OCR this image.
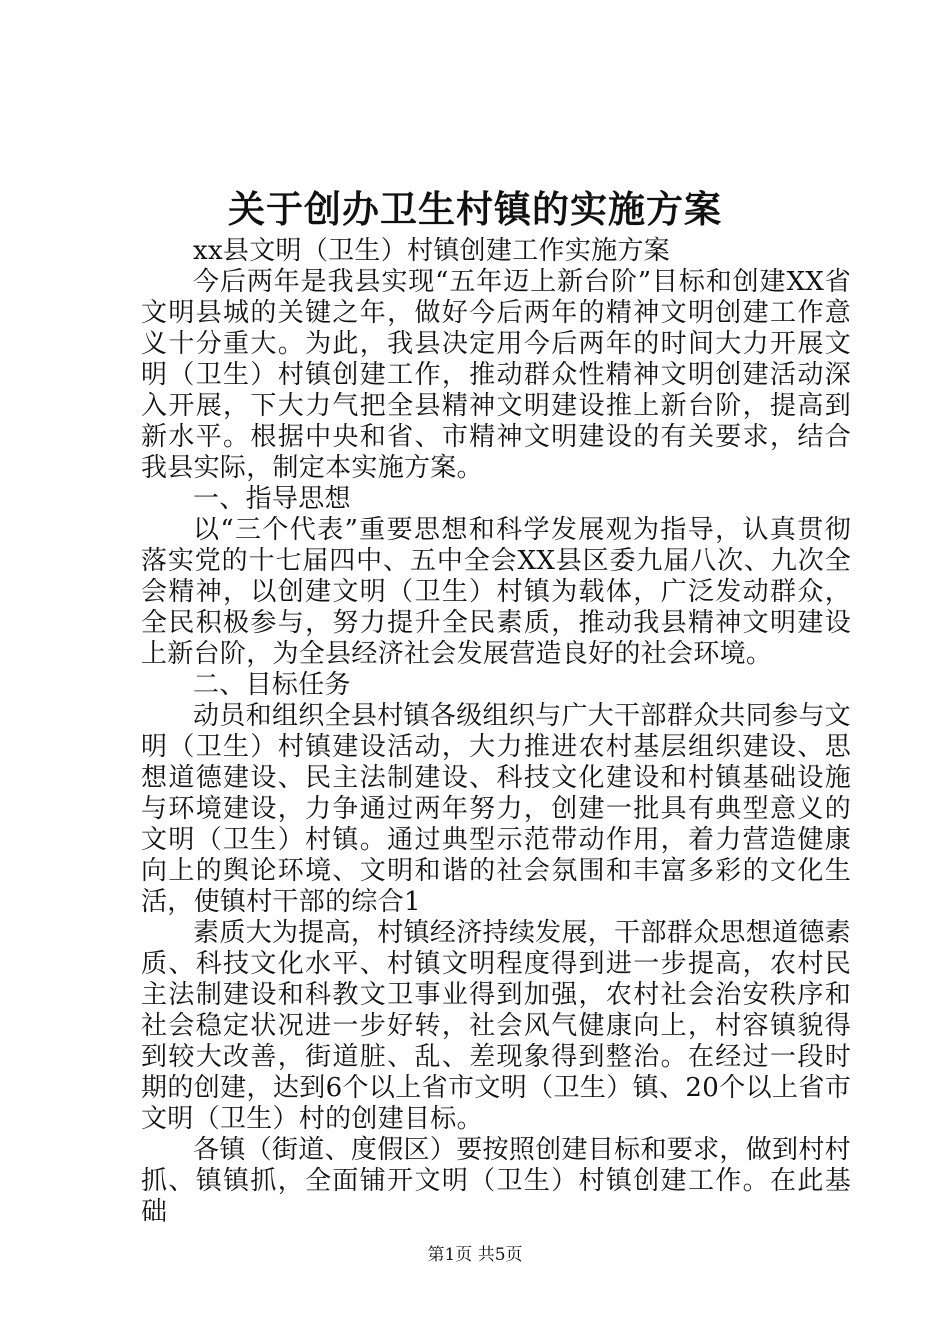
关于创办卫生村镇的实施方案

xx县文明（卫生）村镇创建工作实施方案

今后两年是我县实现“五年迈上新台阶”目标和创建XX省文明县城的关键之年，做好今后两年的精神文明创建工作意义十分重大。为此，我县决定用今后两年的时间大力开展文明（卫生）村镇创建工作，推动群众性精神文明创建活动深入开展，下大力气把全县精神文明建设推上新台阶，提高到新水平。根据中央和省、市精神文明建设的有关要求，结合我县实际，制定本实施方案。

一、指导思想

以“三个代表”重要思想和科学发展观为指导，认真贯彻落实党的十七届四中、五中全会XX县区委九届八次、九次全会精神，以创建文明（卫生）村镇为载体，广泛发动群众，全民积极参与，努力提升全民素质，推动我县精神文明建设上新台阶，为全县经济社会发展营造良好的社会环境。

二、目标任务

动员和组织全县村镇各级组织与广大干部群众共同参与文明（卫生）村镇建设活动，大力推进农村基层组织建设、思想道德建设、民主法制建设、科技文化建设和村镇基础设施与环境建设，力争通过两年努力，创建一批具有典型意义的文明（卫生）村镇。通过典型示范带动作用，着力营造健康向上的舆论环境、文明和谐的社会氛围和丰富多彩的文化生活，使镇村干部的综合1

素质大为提高，村镇经济持续发展，干部群众思想道德素质、科技文化水平、村镇文明程度得到进一步提高，农村民主法制建设和科教文卫事业得到加强，农村社会治安秩序和社会稳定状况进一步好转，社会风气健康向上，村容镇貌得到较大改善，街道脏、乱、差现象得到整治。在经过一段时期的创建，达到6个以上省市文明（卫生）镇、20个以上省市文明（卫生）村的创建目标。

各镇（街道、度假区）要按照创建目标和要求，做到村村抓、镇镇抓，全面铺开文明（卫生）村镇创建工作。在此基础

第1页 共5页
